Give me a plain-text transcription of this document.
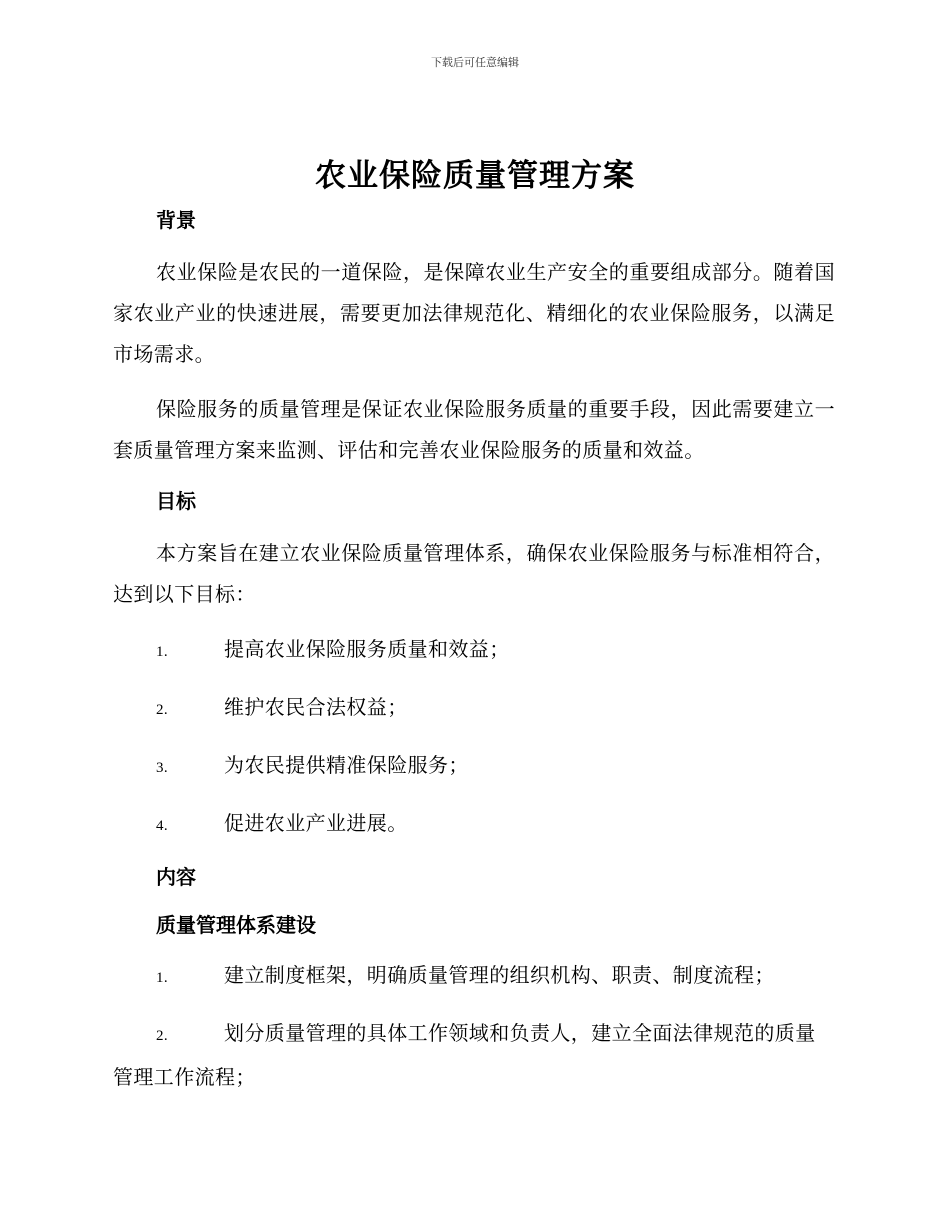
下载后可任意编辑
农业保险质量管理方案

背景

农业保险是农民的一道保险，是保障农业生产安全的重要组成部分。随着国家农业产业的快速进展，需要更加法律规范化、精细化的农业保险服务，以满足市场需求。

保险服务的质量管理是保证农业保险服务质量的重要手段，因此需要建立一套质量管理方案来监测、评估和完善农业保险服务的质量和效益。

目标

本方案旨在建立农业保险质量管理体系，确保农业保险服务与标准相符合，达到以下目标：

1.	提高农业保险服务质量和效益；

2.	维护农民合法权益；

3.	为农民提供精准保险服务；

4.	促进农业产业进展。

内容

质量管理体系建设

1.	建立制度框架，明确质量管理的组织机构、职责、制度流程；

2.	划分质量管理的具体工作领域和负责人，建立全面法律规范的质量管理工作流程；
